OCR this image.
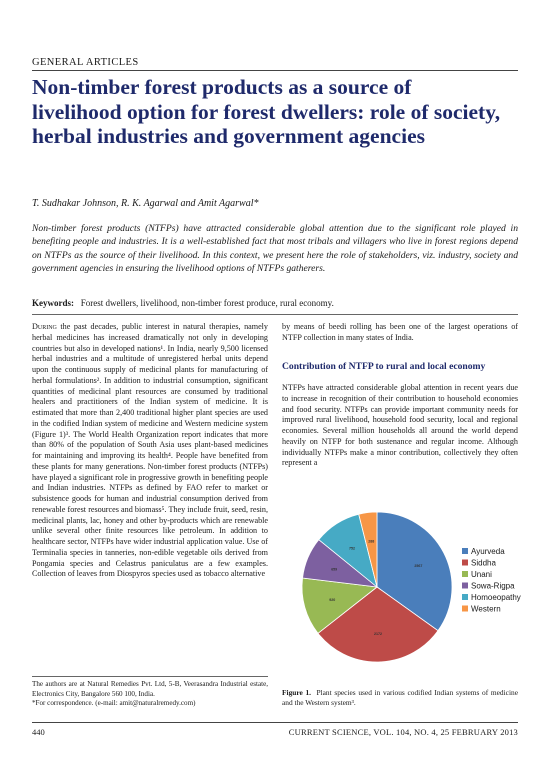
GENERAL ARTICLES
Non-timber forest products as a source of livelihood option for forest dwellers: role of society, herbal industries and government agencies
T. Sudhakar Johnson, R. K. Agarwal and Amit Agarwal*

Non-timber forest products (NTFPs) have attracted considerable global attention due to the significant role played in benefiting people and industries. It is a well-established fact that most tribals and villagers who live in forest regions depend on NTFPs as the source of their livelihood. In this context, we present here the role of stakeholders, viz. industry, society and government agencies in ensuring the livelihood options of NTFPs gatherers.

Keywords: Forest dwellers, livelihood, non-timber forest produce, rural economy.

During the past decades, public interest in natural therapies, namely herbal medicines has increased dramatically not only in developing countries but also in developed nations¹. In India, nearly 9,500 licensed herbal industries and a multitude of unregistered herbal units depend upon the continuous supply of medicinal plants for manufacturing of herbal formulations². In addition to industrial consumption, significant quantities of medicinal plant resources are consumed by traditional healers and practitioners of the Indian system of medicine. It is estimated that more than 2,400 traditional higher plant species are used in the codified Indian system of medicine and Western medicine system (Figure 1)³. The World Health Organization report indicates that more than 80% of the population of South Asia uses plant-based medicines for maintaining and improving its health⁴. People have benefited from these plants for many generations. Non-timber forest products (NTFPs) have played a significant role in progressive growth in benefiting people and Indian industries. NTFPs as defined by FAO refer to market or subsistence goods for human and industrial consumption derived from renewable forest resources and biomass⁵. They include fruit, seed, resin, medicinal plants, lac, honey and other by-products which are renewable unlike several other finite resources like petroleum. In addition to healthcare sector, NTFPs have wider industrial application value. Use of Terminalia species in tanneries, non-edible vegetable oils derived from Pongamia species and Celastrus paniculatus are a few examples. Collection of leaves from Diospyros species used as tobacco alternative

by means of beedi rolling has been one of the largest operations of NTFP collection in many states of India.

Contribution of NTFP to rural and local economy

NTFPs have attracted considerable global attention in recent years due to increase in recognition of their contribution to household economies and food security. NTFPs can provide important community needs for improved rural livelihood, household food security, local and regional economies. Several million households all around the world depend heavily on NTFP for both sustenance and regular income. Although individually NTFPs make a minor contribution, collectively they often represent a

2567
2172
920
659
752
288
Ayurveda
Siddha
Unani
Sowa-Rigpa
Homoeopathy
Western

Figure 1. Plant species used in various codified Indian systems of medicine and the Western system³.

The authors are at Natural Remedies Pvt. Ltd, 5-B, Veerasandra Industrial estate, Electronics City, Bangalore 560 100, India.
*For correspondence. (e-mail: amit@naturalremedy.com)

440	CURRENT SCIENCE, VOL. 104, NO. 4, 25 FEBRUARY 2013
